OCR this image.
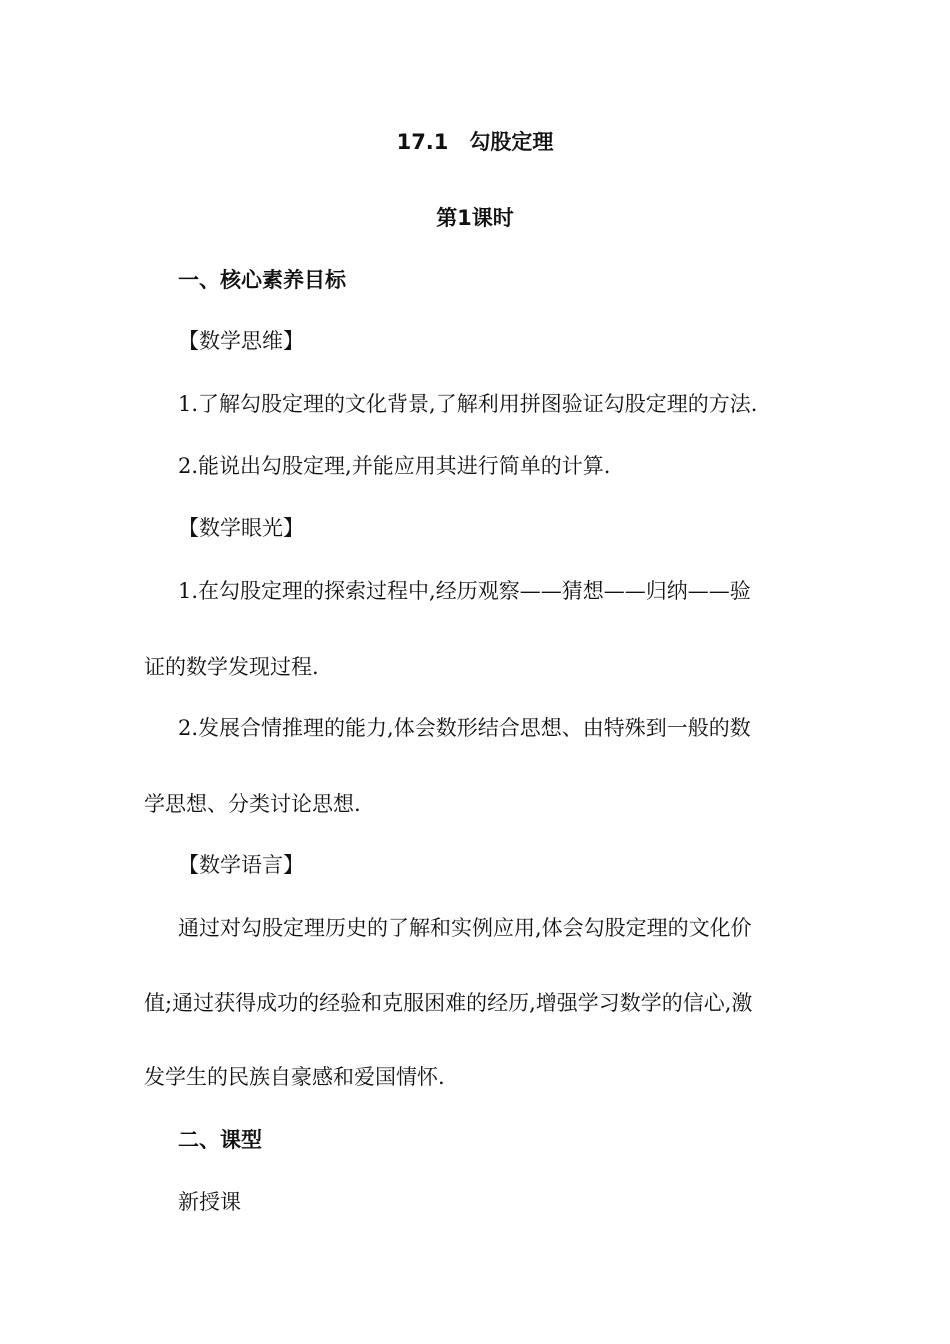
17.1　勾股定理
第1课时
一、核心素养目标
【数学思维】
1.了解勾股定理的文化背景,了解利用拼图验证勾股定理的方法.
2.能说出勾股定理,并能应用其进行简单的计算.
【数学眼光】
1.在勾股定理的探索过程中,经历观察——猜想——归纳——验
证的数学发现过程.
2.发展合情推理的能力,体会数形结合思想、由特殊到一般的数
学思想、分类讨论思想.
【数学语言】
通过对勾股定理历史的了解和实例应用,体会勾股定理的文化价
值;通过获得成功的经验和克服困难的经历,增强学习数学的信心,激
发学生的民族自豪感和爱国情怀.
二、课型
新授课
